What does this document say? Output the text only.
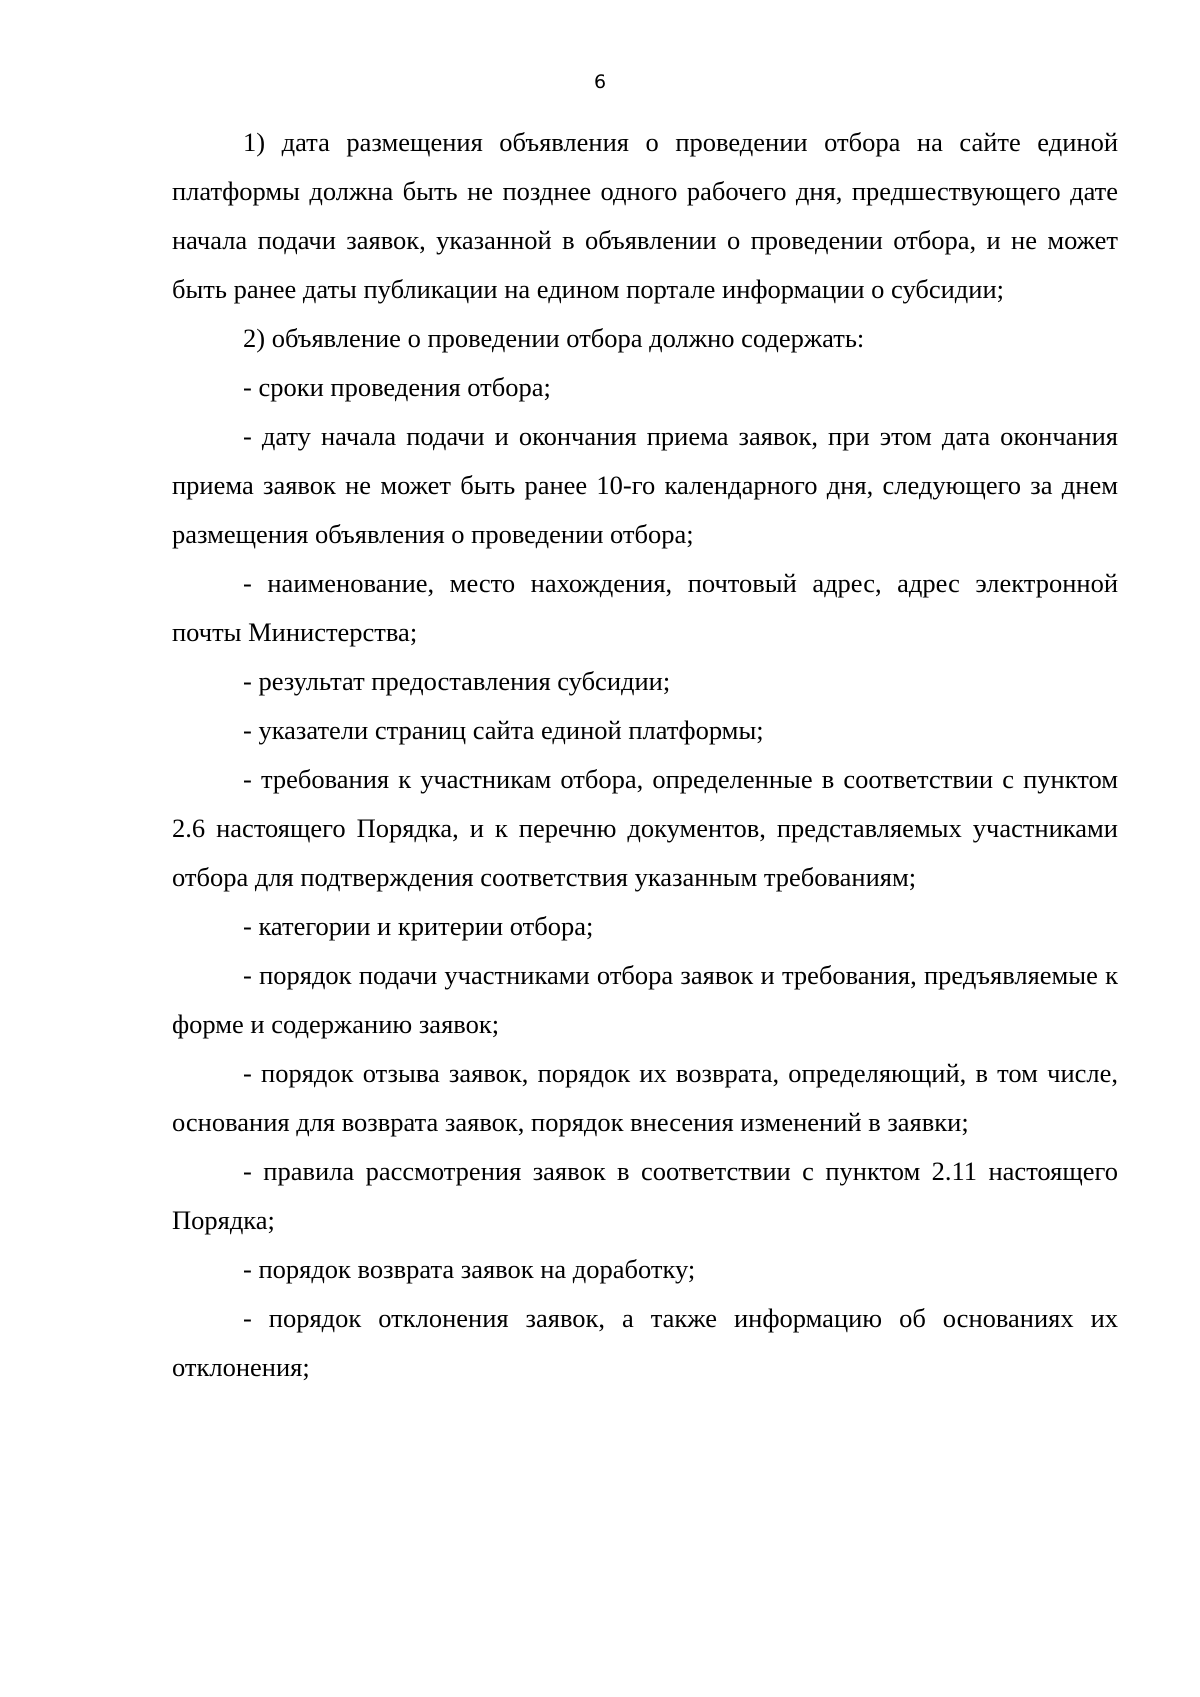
6

1) дата размещения объявления о проведении отбора на сайте единой платформы должна быть не позднее одного рабочего дня, предшествующего дате начала подачи заявок, указанной в объявлении о проведении отбора, и не может быть ранее даты публикации на едином портале информации о субсидии;

2) объявление о проведении отбора должно содержать:

- сроки проведения отбора;

- дату начала подачи и окончания приема заявок, при этом дата окончания приема заявок не может быть ранее 10-го календарного дня, следующего за днем размещения объявления о проведении отбора;

- наименование, место нахождения, почтовый адрес, адрес электронной почты Министерства;

- результат предоставления субсидии;

- указатели страниц сайта единой платформы;

- требования к участникам отбора, определенные в соответствии с пунктом 2.6 настоящего Порядка, и к перечню документов, представляемых участниками отбора для подтверждения соответствия указанным требованиям;

- категории и критерии отбора;

- порядок подачи участниками отбора заявок и требования, предъявляемые к форме и содержанию заявок;

- порядок отзыва заявок, порядок их возврата, определяющий, в том числе, основания для возврата заявок, порядок внесения изменений в заявки;

- правила рассмотрения заявок в соответствии с пунктом 2.11 настоящего Порядка;

- порядок возврата заявок на доработку;

- порядок отклонения заявок, а также информацию об основаниях их отклонения;
